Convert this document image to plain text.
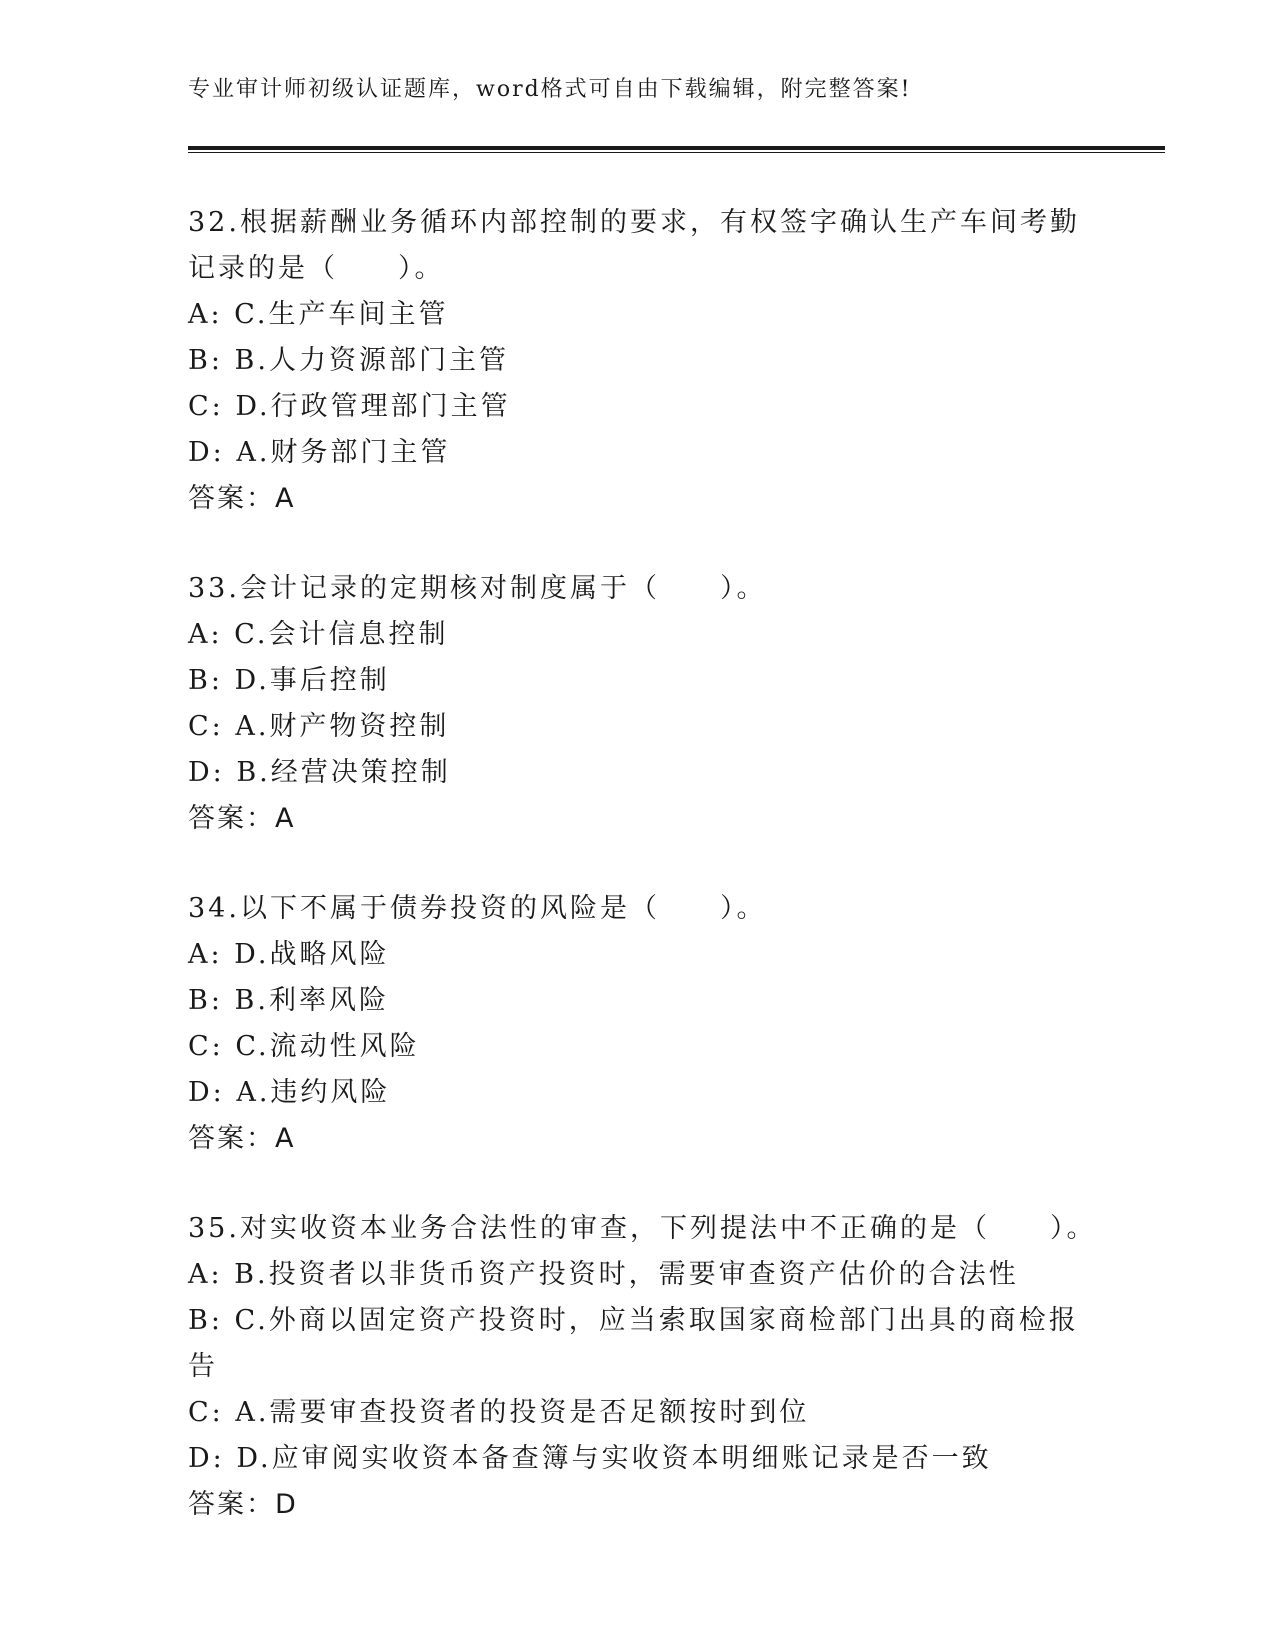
专业审计师初级认证题库，word格式可自由下载编辑，附完整答案!
32.根据薪酬业务循环内部控制的要求，有权签字确认生产车间考勤记录的是（　　）。
A: C.生产车间主管
B: B.人力资源部门主管
C: D.行政管理部门主管
D: A.财务部门主管
答案：A
33.会计记录的定期核对制度属于（　　）。
A: C.会计信息控制
B: D.事后控制
C: A.财产物资控制
D: B.经营决策控制
答案：A
34.以下不属于债券投资的风险是（　　）。
A: D.战略风险
B: B.利率风险
C: C.流动性风险
D: A.违约风险
答案：A
35.对实收资本业务合法性的审查，下列提法中不正确的是（　　）。
A: B.投资者以非货币资产投资时，需要审查资产估价的合法性
B: C.外商以固定资产投资时，应当索取国家商检部门出具的商检报告
C: A.需要审查投资者的投资是否足额按时到位
D: D.应审阅实收资本备查簿与实收资本明细账记录是否一致
答案：D
